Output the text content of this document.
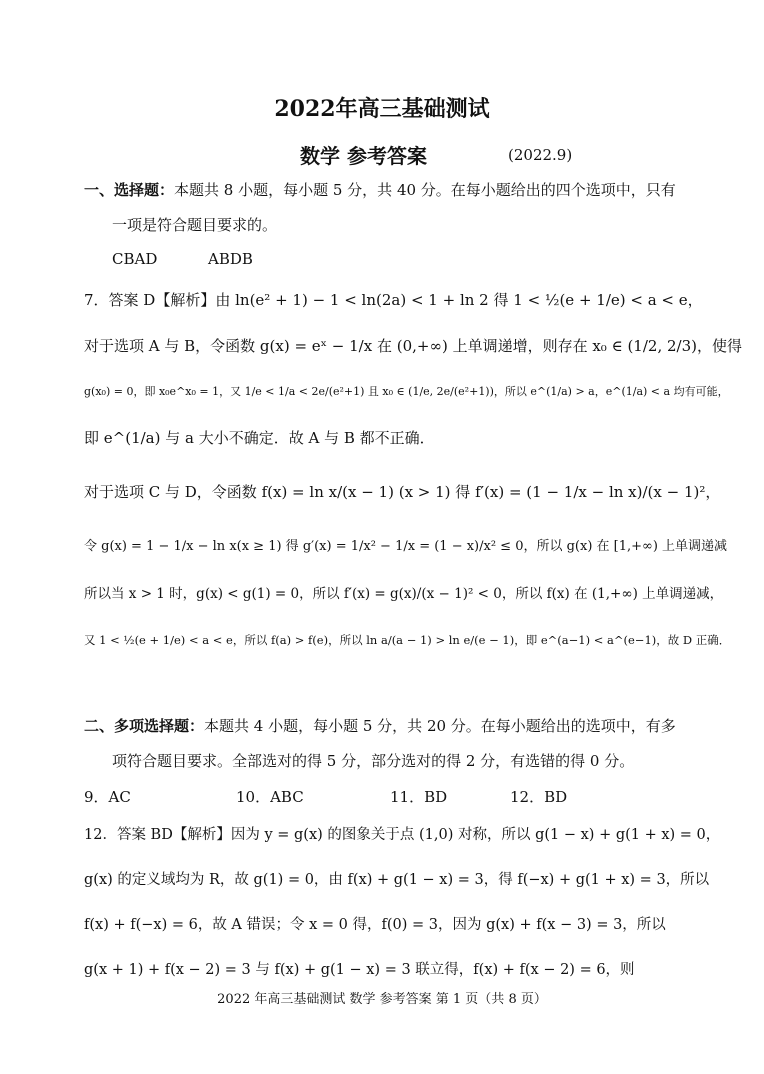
2022年高三基础测试
数学 参考答案	(2022.9)
一、选择题：本题共 8 小题，每小题 5 分，共 40 分。在每小题给出的四个选项中，只有
一项是符合题目要求的。
CBAD	ABDB
7．答案 D【解析】由 ln(e² + 1) − 1 < ln(2a) < 1 + ln 2 得 1 < ½(e + 1/e) < a < e，
对于选项 A 与 B，令函数 g(x) = eˣ − 1/x 在 (0,+∞) 上单调递增，则存在 x₀ ∈ (1/2, 2/3)，使得
g(x₀) = 0，即 x₀e^x₀ = 1，又 1/e < 1/a < 2e/(e²+1) 且 x₀ ∈ (1/e, 2e/(e²+1))，所以 e^(1/a) > a，e^(1/a) < a 均有可能，
即 e^(1/a) 与 a 大小不确定．故 A 与 B 都不正确．
对于选项 C 与 D，令函数 f(x) = ln x/(x − 1) (x > 1) 得 f′(x) = (1 − 1/x − ln x)/(x − 1)²，
令 g(x) = 1 − 1/x − ln x(x ≥ 1) 得 g′(x) = 1/x² − 1/x = (1 − x)/x² ≤ 0，所以 g(x) 在 [1,+∞) 上单调递减
所以当 x > 1 时，g(x) < g(1) = 0，所以 f′(x) = g(x)/(x − 1)² < 0，所以 f(x) 在 (1,+∞) 上单调递减，
又 1 < ½(e + 1/e) < a < e，所以 f(a) > f(e)，所以 ln a/(a − 1) > ln e/(e − 1)，即 e^(a−1) < a^(e−1)，故 D 正确．
二、多项选择题：本题共 4 小题，每小题 5 分，共 20 分。在每小题给出的选项中，有多
项符合题目要求。全部选对的得 5 分，部分选对的得 2 分，有选错的得 0 分。
9．AC	10．ABC	11．BD	12．BD
12．答案 BD【解析】因为 y = g(x) 的图象关于点 (1,0) 对称，所以 g(1 − x) + g(1 + x) = 0，
g(x) 的定义域均为 R，故 g(1) = 0，由 f(x) + g(1 − x) = 3，得 f(−x) + g(1 + x) = 3，所以
f(x) + f(−x) = 6，故 A 错误；令 x = 0 得，f(0) = 3，因为 g(x) + f(x − 3) = 3，所以
g(x + 1) + f(x − 2) = 3 与 f(x) + g(1 − x) = 3 联立得，f(x) + f(x − 2) = 6，则
2022 年高三基础测试 数学 参考答案 第 1 页（共 8 页）
